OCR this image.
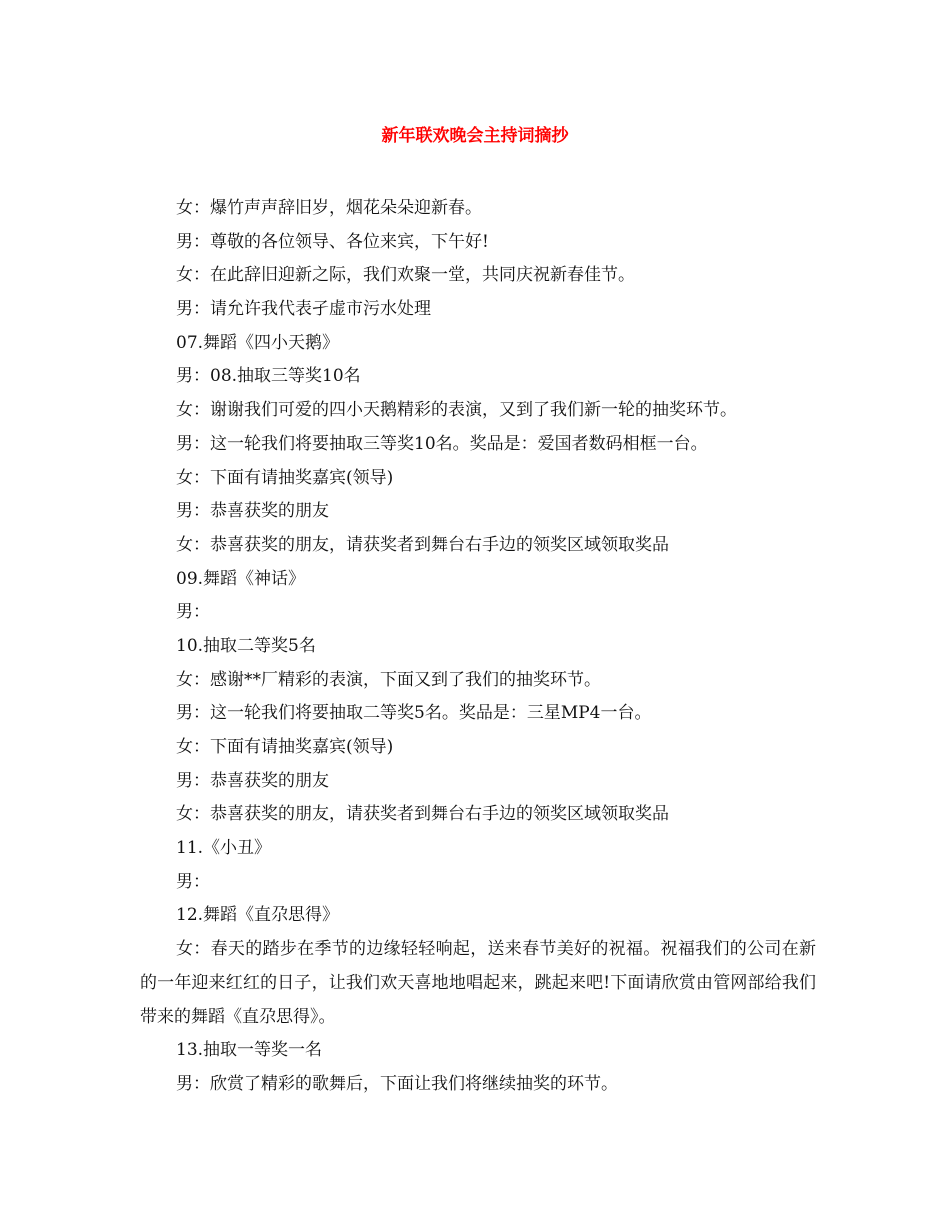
新年联欢晚会主持词摘抄

女：爆竹声声辞旧岁，烟花朵朵迎新春。

男：尊敬的各位领导、各位来宾，下午好!

女：在此辞旧迎新之际，我们欢聚一堂，共同庆祝新春佳节。

男：请允许我代表孑虚市污水处理

07.舞蹈《四小天鹅》

男：08.抽取三等奖10名

女：谢谢我们可爱的四小天鹅精彩的表演，又到了我们新一轮的抽奖环节。

男：这一轮我们将要抽取三等奖10名。奖品是：爱国者数码相框一台。

女：下面有请抽奖嘉宾(领导)

男：恭喜获奖的朋友

女：恭喜获奖的朋友，请获奖者到舞台右手边的领奖区域领取奖品

09.舞蹈《神话》

男：

10.抽取二等奖5名

女：感谢**厂精彩的表演，下面又到了我们的抽奖环节。

男：这一轮我们将要抽取二等奖5名。奖品是：三星MP4一台。

女：下面有请抽奖嘉宾(领导)

男：恭喜获奖的朋友

女：恭喜获奖的朋友，请获奖者到舞台右手边的领奖区域领取奖品

11.《小丑》

男：

12.舞蹈《直尕思得》

女：春天的踏步在季节的边缘轻轻响起，送来春节美好的祝福。祝福我们的公司在新的一年迎来红红的日子，让我们欢天喜地地唱起来，跳起来吧!下面请欣赏由管网部给我们带来的舞蹈《直尕思得》。

13.抽取一等奖一名

男：欣赏了精彩的歌舞后，下面让我们将继续抽奖的环节。
